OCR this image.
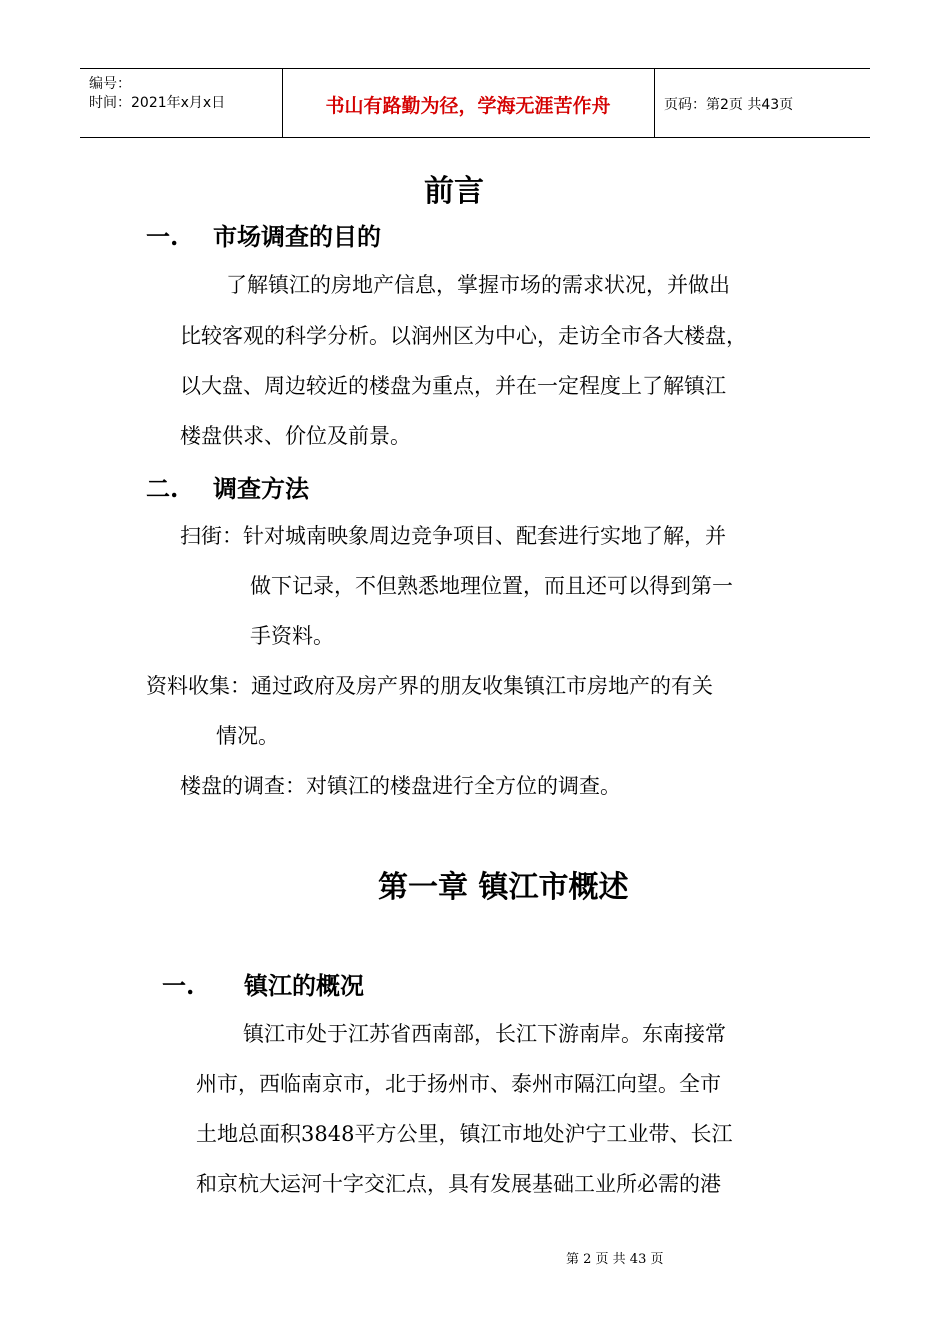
编号：
时间：2021年x月x日	书山有路勤为径，学海无涯苦作舟	页码：第2页 共43页
前言
一. 市场调查的目的
了解镇江的房地产信息，掌握市场的需求状况，并做出
比较客观的科学分析。以润州区为中心，走访全市各大楼盘，
以大盘、周边较近的楼盘为重点，并在一定程度上了解镇江
楼盘供求、价位及前景。
二. 调查方法
扫街：针对城南映象周边竞争项目、配套进行实地了解，并
做下记录，不但熟悉地理位置，而且还可以得到第一
手资料。
资料收集：通过政府及房产界的朋友收集镇江市房地产的有关
情况。
楼盘的调查：对镇江的楼盘进行全方位的调查。
第一章 镇江市概述
一. 镇江的概况
镇江市处于江苏省西南部，长江下游南岸。东南接常
州市，西临南京市，北于扬州市、泰州市隔江向望。全市
土地总面积3848平方公里，镇江市地处沪宁工业带、长江
和京杭大运河十字交汇点，具有发展基础工业所必需的港
第 2 页 共 43 页
